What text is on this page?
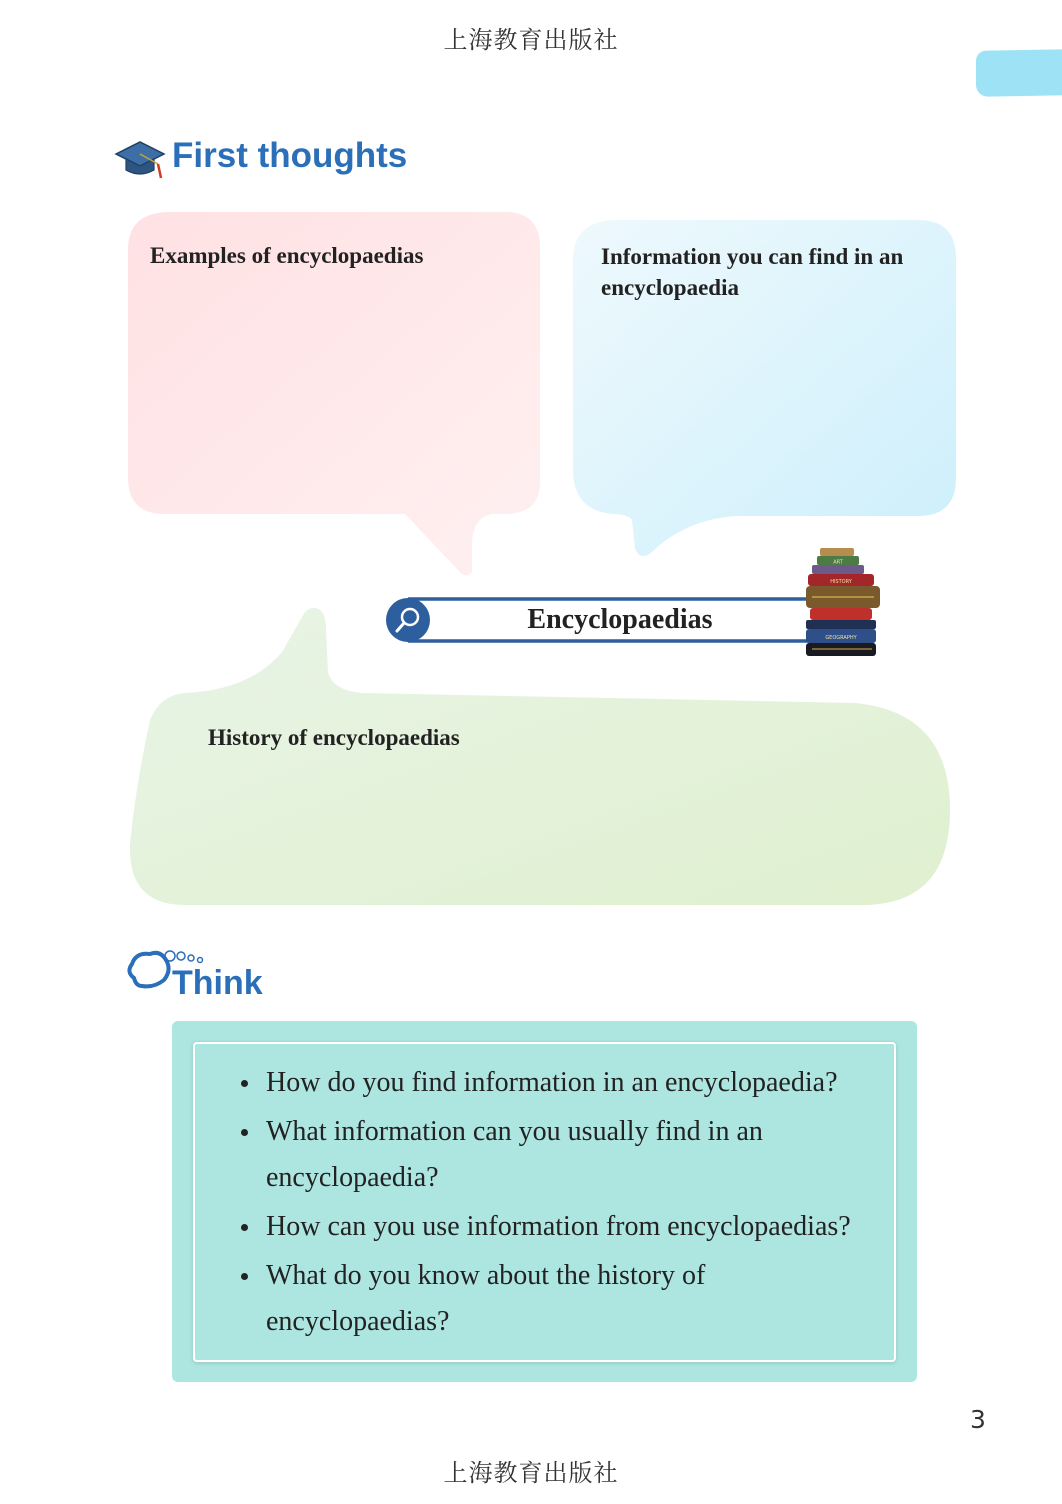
上海教育出版社
First thoughts
Examples of encyclopaedias	Information you can find in an encyclopaedia
History of encyclopaedias
Encyclopaedias
ART
HISTORY
GEOGRAPHY
Think
How do you find information in an encyclopaedia?
What information can you usually find in an encyclopaedia?
How can you use information from encyclopaedias?
What do you know about the history of encyclopaedias?
3
上海教育出版社
